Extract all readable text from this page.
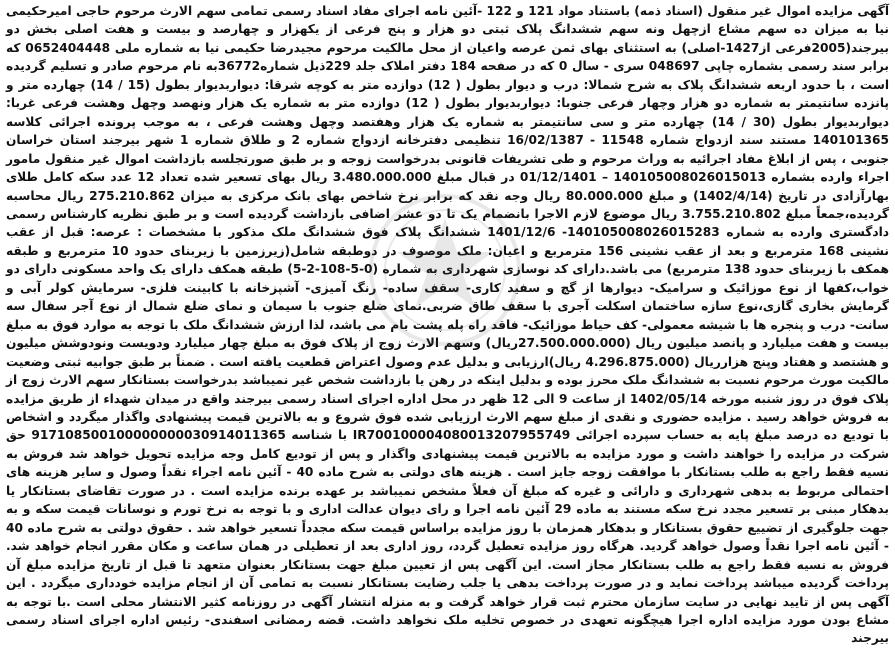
آگهی مزایده اموال غیر منقول (اسناد ذمه) باستناد مواد 121 و 122 -آئین نامه اجرای مفاد اسناد رسمی تمامی سهم الارث مرحوم حاجی امیرحکیمی نیا به میزان ده سهم مشاع ازچهل ونه سهم ششدانگ پلاک ثبتی دو هزار و پنج فرعی از یکهزار و چهارصد و بیست و هفت اصلی بخش دو بیرجند(2005فرعی از1427-اصلی) به استثنای بهای ثمن عرصه واعیان از محل مالکیت مرحوم مجیدرضا حکیمی نیا به شماره ملی 0652404448 که برابر سند رسمی بشماره چاپی 048697 سری - سال 0 که در صفحه 184 دفتر املاک جلد 229ذیل شماره36772به نام مرحوم صادر و تسلیم گردیده است ، با حدود اربعه ششدانگ پلاک به شرح شمالا: درب و دیوار بطول ( 12) دوازده متر به کوچه شرقا: دیواربدیوار بطول (15 / 14) چهارده متر و پانزده سانتیمتر به شماره دو هزار وچهار فرعی جنوبا: دیواربدیوار بطول ( 12) دوازده متر به شماره یک هزار ونهصد وچهل وهشت فرعی غربا: دیواربدیوار بطول (30 / 14) چهارده متر و سی سانتیمتر به شماره یک هزار وهفتصد وچهل وهشت فرعی ، به موجب پرونده اجرائی کلاسه 140101365 مستند سند ازدواج شماره 11548 - 16/02/1387 تنظیمی دفترخانه ازدواج شماره 2 و طلاق شماره 1 شهر بیرجند استان خراسان جنوبی ، پس از ابلاغ مفاد اجرائیه به وراث مرحوم و طی تشریفات قانونی بدرخواست زوجه و بر طبق صورتجلسه بازداشت اموال غیر منقول مامور اجراء وارده بشماره 140105008026015013 – 01/12/1401 در قبال مبلغ 3.480.000.000 ریال بهای تسعیر شده تعداد 12 عدد سکه کامل طلای بهارآزادی در تاریخ (1402/4/14) و مبلغ 80.000.000 ریال وجه نقد که برابر نرخ شاخص بهای بانک مرکزی به میزان 275.210.862 ریال محاسبه گردیده،جمعاً مبلغ 3.755.210.802 ریال موضوع لازم الاجرا بانضمام یک تا دو عشر اضافی بازداشت گردیده است و بر طبق نظریه کارشناس رسمی دادگستری وارده به شماره 140105008026015283- 1401/12/6 ششدانگ پلاک فوق ششدانگ ملک مذکور با مشخصات : عرصه: قبل از عقب نشینی 168 مترمربع و بعد از عقب نشینی 156 مترمربع و اعیان: ملک موصوف در دوطبقه شامل(زیرزمین با زیربنای حدود 10 مترمربع و طبقه همکف با زیربنای حدود 138 مترمربع) می باشد.دارای کد نوسازی شهرداری به شماره (0-5-108-2-5) طبقه همکف دارای یک واحد مسکونی دارای دو خواب،کفها از نوع موزائیک و سرامیک- دیوارها از گچ و سفید کاری- سقف ساده- رنگ آمیزی- آشپزخانه با کابینت فلزی- سرمایش کولر آبی و گرمایش بخاری گازی،نوع سازه ساختمان اسکلت آجری با سقف طاق ضربی.نمای ضلع جنوب با سیمان و نمای ضلع شمال از نوع آجر سفال سه سانت- درب و پنجره ها با شیشه معمولی- کف حیاط موزائیک- فاقد راه پله پشت بام می باشد، لذا ارزش ششدانگ ملک با توجه به موارد فوق به مبلغ بیست و هفت میلیارد و پانصد میلیون ریال (27.500.000.000ریال) وسهم الارث زوج از پلاک فوق به مبلغ چهار میلیارد ودویست ونودوشش میلیون و هشتصد و هفتاد وپنج هزارریال (4.296.875.000 ریال)ارزیابی و بدلیل عدم وصول اعتراض قطعیت یافته است . ضمناً بر طبق جوابیه ثبتی وضعیت مالکیت مورث مرحوم نسبت به ششدانگ ملک محرز بوده و بدلیل اینکه در رهن یا بازداشت شخص غیر نمیباشد بدرخواست بستانکار سهم الارث زوج از پلاک فوق در روز شنبه مورخه 1402/05/14 از ساعت 9 الی 12 ظهر در محل اداره اجرای اسناد رسمی بیرجند واقع در میدان شهداء از طریق مزایده به فروش خواهد رسید . مزایده حضوری و نقدی از مبلغ سهم الارث ارزیابی شده فوق شروع و به بالاترین قیمت پیشنهادی واگذار میگردد و اشخاص با تودیع ده درصد مبلغ پایه به حساب سپرده اجرائی IR700100004080013207955749 با شناسه 917108500100000000030914011365 حق شرکت در مزایده را خواهند داشت و مورد مزایده به بالاترین قیمت پیشنهادی واگذار و پس از تودیع کامل وجه مزایده تحویل خواهد شد فروش به نسیه فقط راجع به طلب بستانکار با موافقت زوجه جایز است . هزینه های دولتی به شرح ماده 40 - آئین نامه اجراء نقداً وصول و سایر هزینه های احتمالی مربوط به بدهی شهرداری و دارائی و غیره که مبلغ آن فعلاً مشخص نمیباشد بر عهده برنده مزایده است . در صورت تقاضای بستانکار یا بدهکار مبنی بر تسعیر مجدد نرخ سکه مستند به ماده 29 آئین نامه اجرا و رای دیوان عدالت اداری و با توجه به نرخ تورم و نوسانات قیمت سکه و به جهت جلوگیری از تضییع حقوق بستانکار و بدهکار همزمان با روز مزایده براساس قیمت سکه مجدداً تسعیر خواهد شد . حقوق دولتی به شرح ماده 40 - آئین نامه اجرا نقداً وصول خواهد گردید. هرگاه روز مزایده تعطیل گردد، روز اداری بعد از تعطیلی در همان ساعت و مکان مقرر انجام خواهد شد. فروش به نسیه فقط راجع به طلب بستانکار مجاز است. این آگهی پس از تعیین مبلغ جهت بستانکار بعنوان متعهد تا قبل از تاریخ مزایده مبلغ آن پرداخت گردیده میباشد پرداخت نماید و در صورت پرداخت بدهی یا جلب رضایت بستانکار نسبت به تمامی آن از انجام مزایده خودداری میگردد . این آگهی پس از تایید نهایی در سایت سازمان محترم ثبت قرار خواهد گرفت و به منزله انتشار آگهی در روزنامه کثیر الانتشار محلی است .با توجه به مشاع بودن مورد مزایده اداره اجرا هیچگونه تعهدی در خصوص تخلیه ملک نخواهد داشت. قضه رمضانی اسفندی- رئیس اداره اجرای اسناد رسمی بیرجند
